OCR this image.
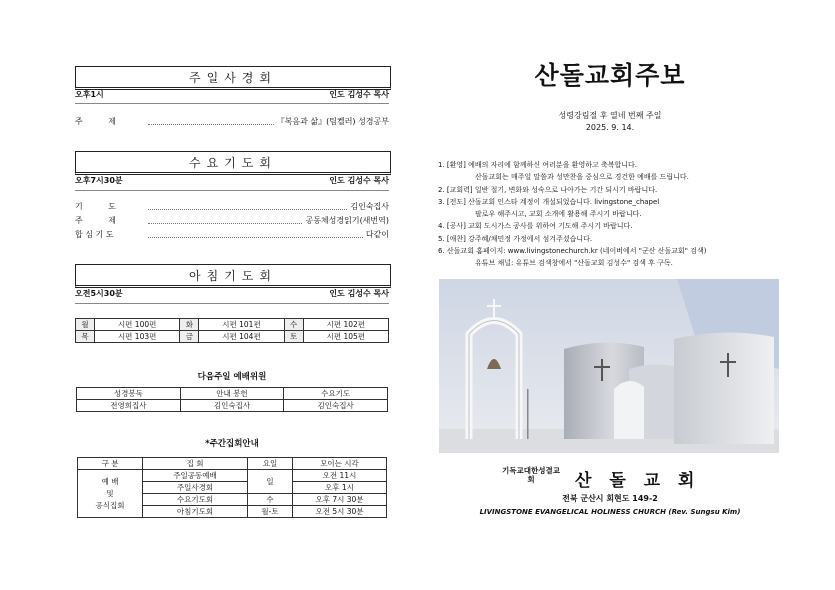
주일사경회
오후1시	인도 김성수 목사
주          제	『복음과 삶』(팀켈러) 성경공부
수요기도회
오후7시30분	인도 김성수 목사
기          도	김인숙집사
주          제	공동체성경읽기(새번역)
합 심 기 도	다같이
아침기도회
오전5시30분	인도 김성수 목사
월	시편 100편	화	시편 101편	수	시편 102편
목	시편 103편	금	시편 104편	토	시편 105편
다음주일 예배위원
성경봉독	안내 봉헌	수요기도
전영희집사	김인숙집사	김인숙집사
*주간집회안내
구 분	집 회	요일	모이는 시각

예 배
및
공식집회	주일공동예배	일	오전 11시
	주일사경회		오후 1시
	수요기도회	수	오후 7시 30분
	아침기도회	월-토	오전 5시 30분
산돌교회주보
성령강림절 후 열네 번째 주일
2025. 9. 14.
1. [환영] 예배의 자리에 함께하신 여러분을 환영하고 축복합니다.
산돌교회는 매주일 말씀과 성만찬을 중심으로 경건한 예배를 드립니다.
2. [교회력] 일반 절기, 변화와 성숙으로 나아가는 기간 되시기 바랍니다.
3. [전도] 산돌교회 인스타 계정이 개설되었습니다. livingstone_chapel
팔로우 해주시고, 교회 소개에 활용해 주시기 바랍니다.
4. [공사] 교회 도시가스 공사를 위하여 기도해 주시기 바랍니다.
5. [애찬] 강주혜/채민정 가정에서 섬겨주셨습니다.
6. 산돌교회 홈페이지: www.livingstonechurch.kr (네이버에서 "군산 산돌교회" 검색)
유튜브 채널: 유튜브 검색창에서 "산돌교회 김성수" 검색 후 구독.
기독교대한성결교회	산 돌 교 회
전북 군산시 회현도 149-2
LIVINGSTONE EVANGELICAL HOLINESS CHURCH (Rev. Sungsu Kim)
